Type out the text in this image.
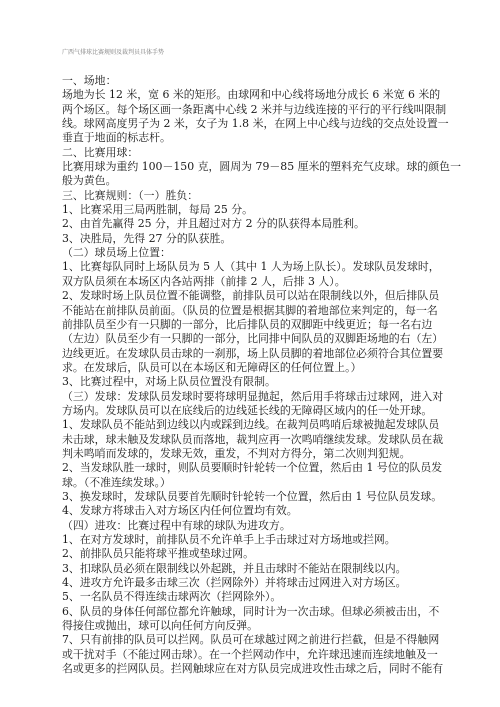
广西气排球比赛规则及裁判员具体手势
一、场地：
场地为长 12 米，宽 6 米的矩形。由球网和中心线将场地分成长 6 米宽 6 米的
两个场区。每个场区画一条距离中心线 2 米并与边线连接的平行的平行线叫限制
线。球网高度男子为 2 米，女子为 1.8 米，在网上中心线与边线的交点处设置一
垂直于地面的标志杆。
二、比赛用球：
比赛用球为重约 100－150 克，圆周为 79－85 厘米的塑料充气皮球。球的颜色一
般为黄色。
三、比赛规则：（一）胜负：
1、比赛采用三局两胜制，每局 25 分。
2、由首先赢得 25 分，并且超过对方 2 分的队获得本局胜利。
3、决胜局，先得 27 分的队获胜。
（二）球员场上位置：
1、比赛每队同时上场队员为 5 人（其中 1 人为场上队长）。发球队员发球时，
双方队员须在本场区内各站两排（前排 2 人，后排 3 人）。
2、发球时场上队员位置不能调整，前排队员可以站在限制线以外，但后排队员
不能站在前排队员前面。（队员的位置是根据其脚的着地部位来判定的，每一名
前排队员至少有一只脚的一部分，比后排队员的双脚距中线更近；每一名右边
（左边）队员至少有一只脚的一部分，比同排中间队员的双脚距场地的右（左）
边线更近。在发球队员击球的一刹那，场上队员脚的着地部位必须符合其位置要
求。在发球后，队员可以在本场区和无障碍区的任何位置上。）
3、比赛过程中，对场上队员位置没有限制。
（三）发球：发球队员发球时要将球明显抛起，然后用手将球击过球网，进入对
方场内。发球队员可以在底线后的边线延长线的无障碍区域内的任一处开球。
1、发球队员不能站到边线以内或踩到边线。在裁判员鸣哨后球被抛起发球队员
未击球，球未触及发球队员而落地，裁判应再一次鸣哨继续发球。发球队员在裁
判未鸣哨而发球的，发球无效，重发，不判对方得分，第二次则判犯规。
2、当发球队胜一球时，则队员要顺时针轮转一个位置，然后由 1 号位的队员发
球。（不准连续发球。）
3、换发球时，发球队员要首先顺时针轮转一个位置，然后由 1 号位队员发球。
4、发球方将球击入对方场区内任何位置均有效。
（四）进攻：比赛过程中有球的球队为进攻方。
1、在对方发球时，前排队员不允许单手上手击球过对方场地或拦网。
2、前排队员只能将球平推或垫球过网。
3、扣球队员必须在限制线以外起跳，并且击球时不能站在限制线以内。
4、进攻方允许最多击球三次（拦网除外）并将球击过网进入对方场区。
5、一名队员不得连续击球两次（拦网除外）。
6、队员的身体任何部位都允许触球，同时计为一次击球。但球必须被击出，不
得接住或抛出，球可以向任何方向反弹。
7、只有前排的队员可以拦网。队员可在球越过网之前进行拦截，但是不得触网
或干扰对手（不能过网击球）。在一个拦网动作中，允许球迅速而连续地触及一
名或更多的拦网队员。拦网触球应在对方队员完成进攻性击球之后，同时不能有
